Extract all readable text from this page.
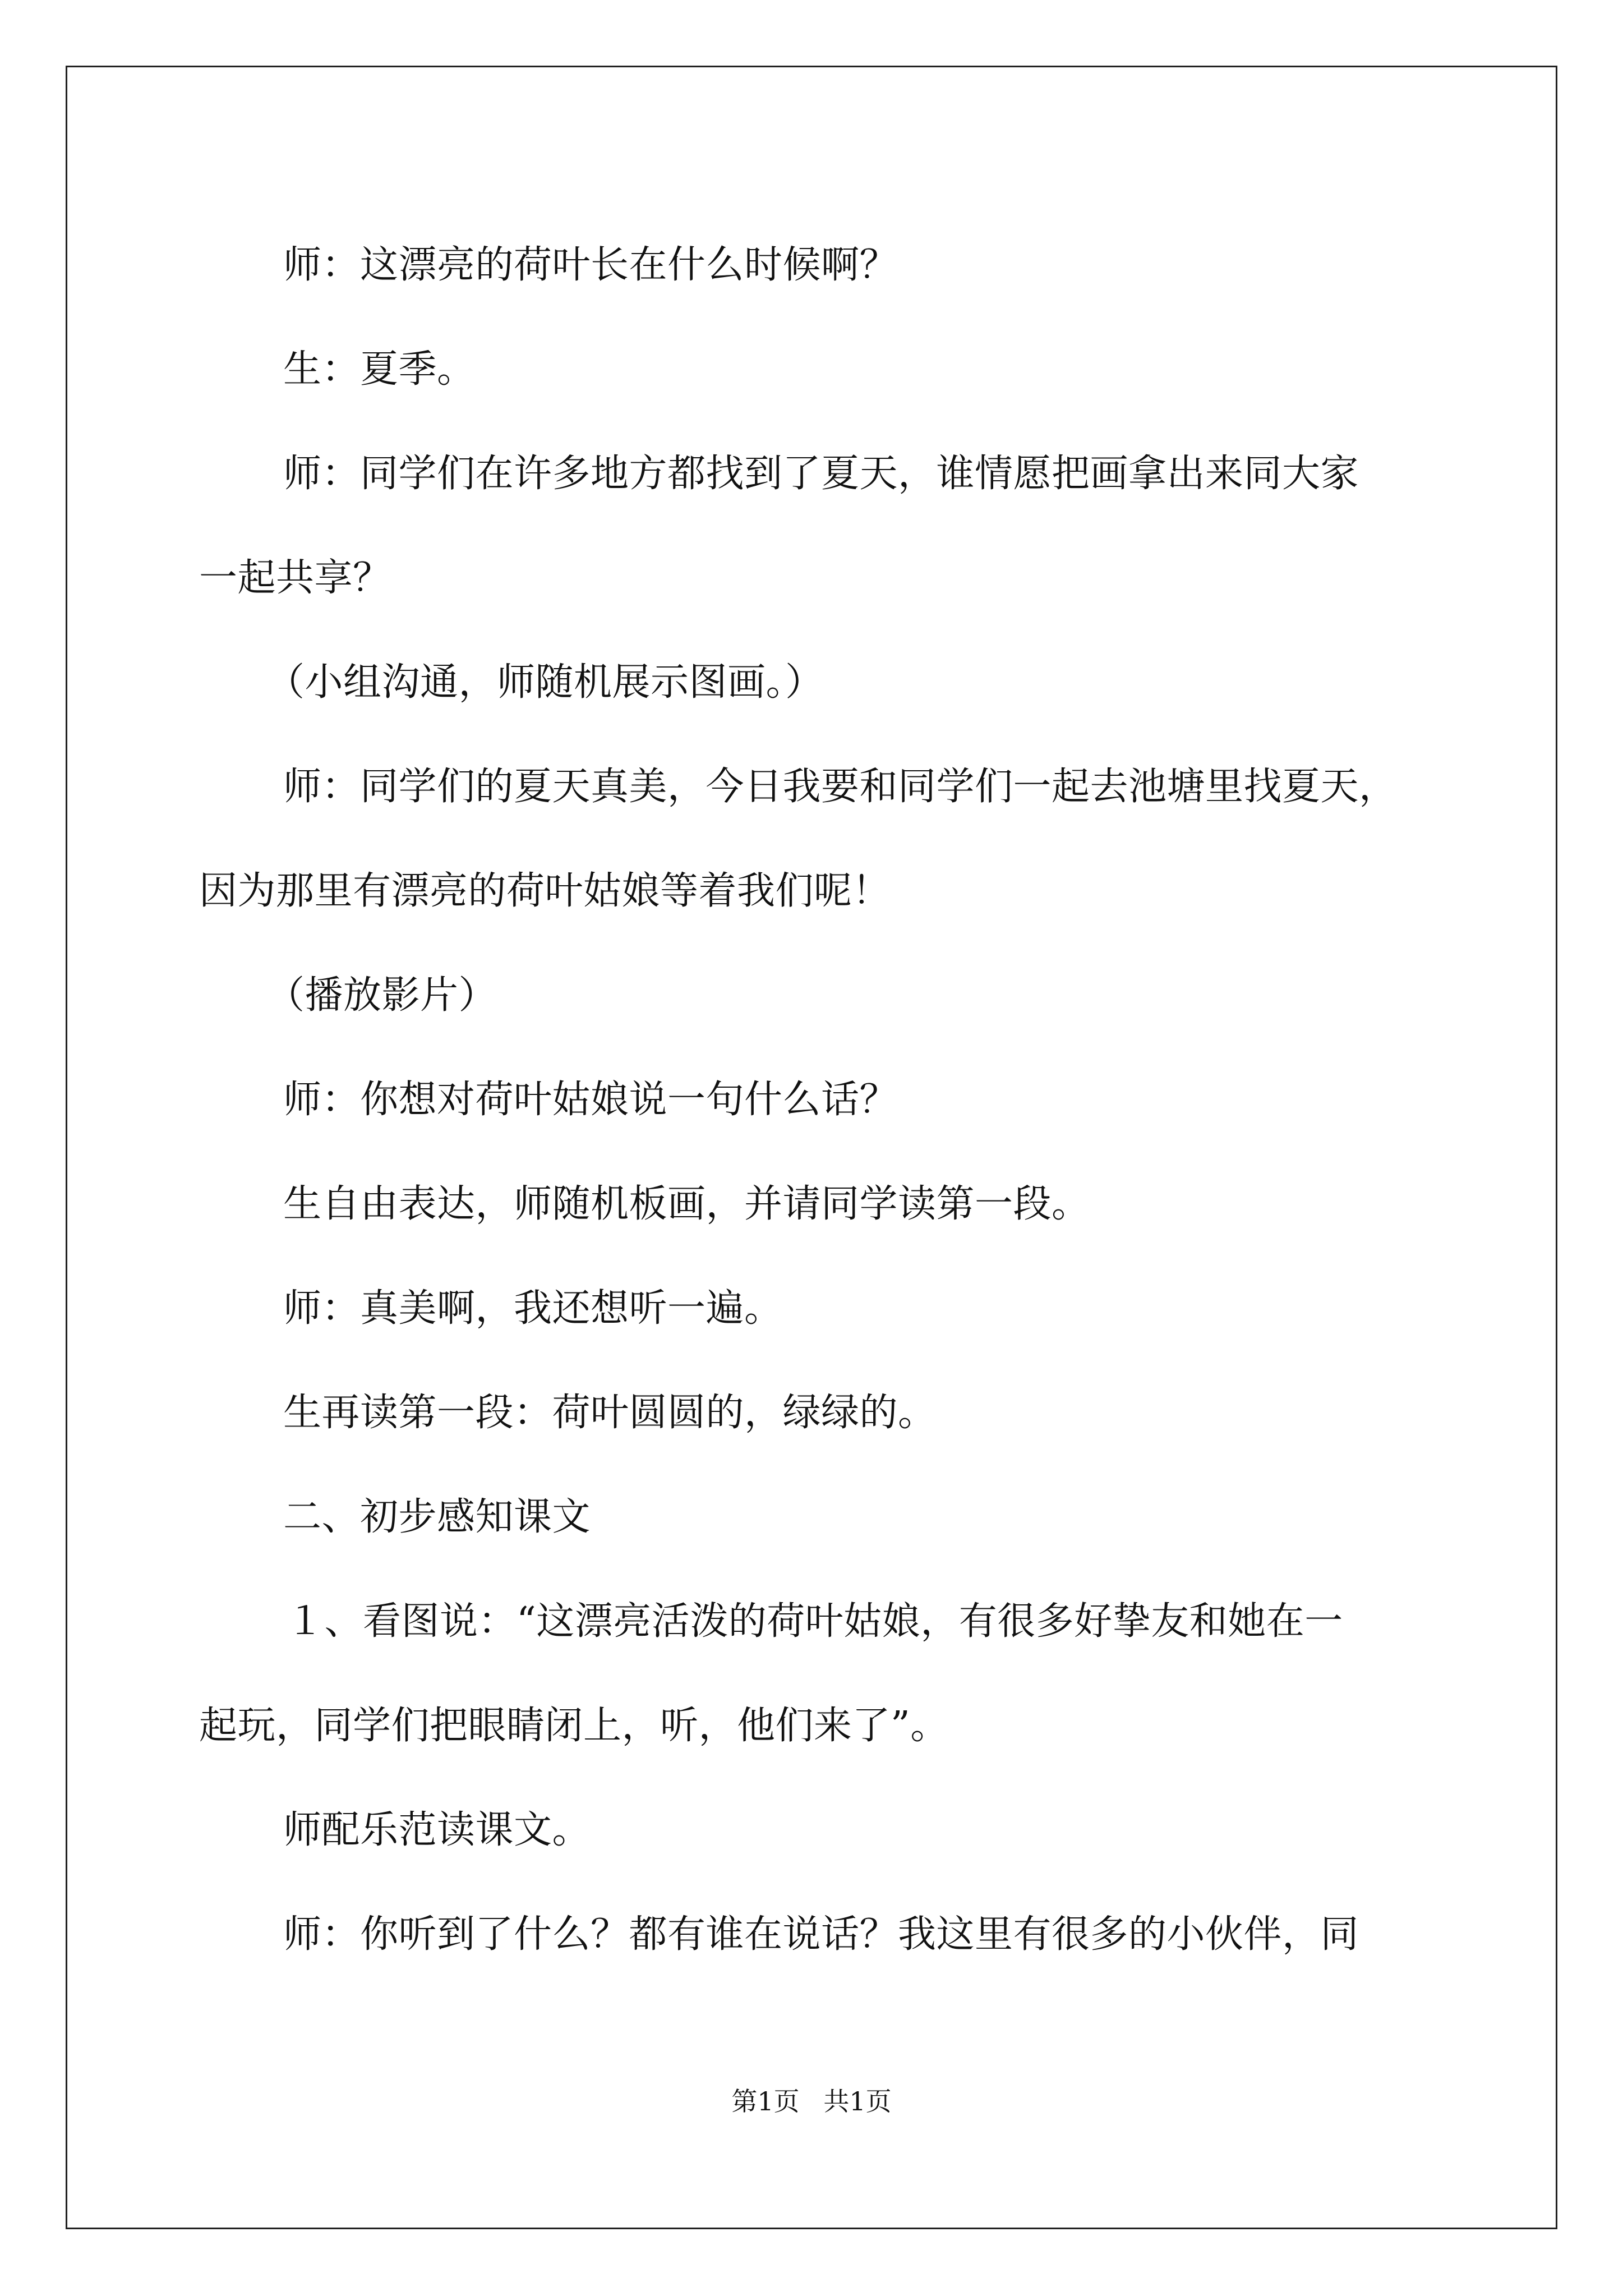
师：这漂亮的荷叶长在什么时候啊？

生：夏季。

师：同学们在许多地方都找到了夏天，谁情愿把画拿出来同大家

一起共享？

（小组沟通，师随机展示图画。）

师：同学们的夏天真美，今日我要和同学们一起去池塘里找夏天，

因为那里有漂亮的荷叶姑娘等着我们呢！

（播放影片）

师：你想对荷叶姑娘说一句什么话？

生自由表达，师随机板画，并请同学读第一段。

师：真美啊，我还想听一遍。

生再读第一段：荷叶圆圆的，绿绿的。

二、初步感知课文

１、看图说：“这漂亮活泼的荷叶姑娘，有很多好挚友和她在一

起玩，同学们把眼睛闭上，听，他们来了”。

师配乐范读课文。

师：你听到了什么？都有谁在说话？我这里有很多的小伙伴，同

第1页 共1页
